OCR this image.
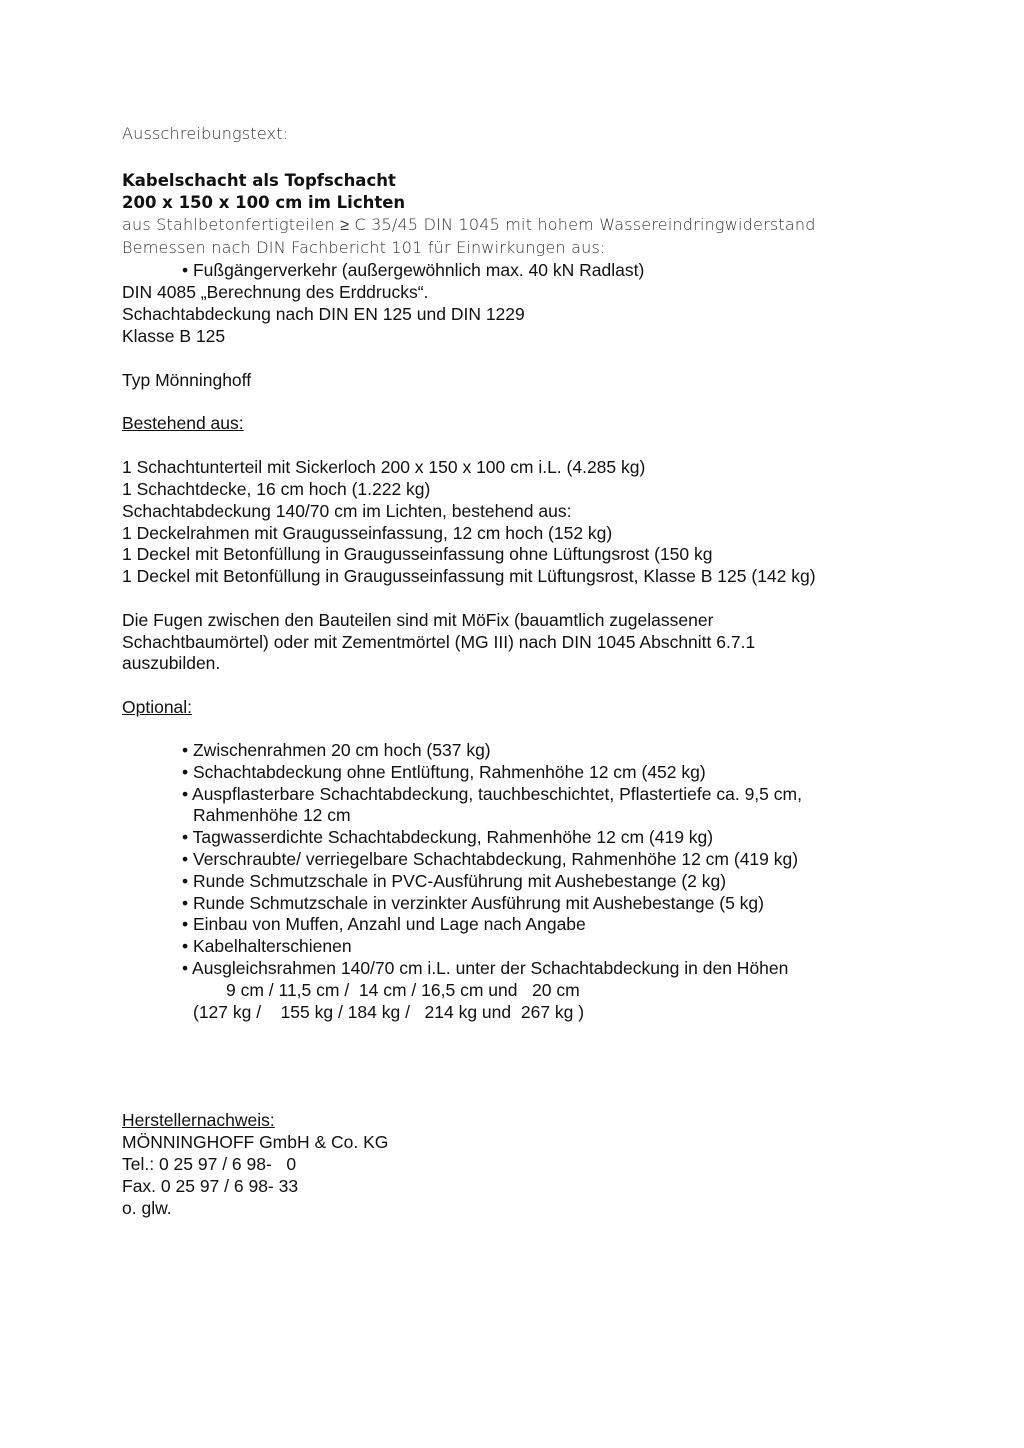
Ausschreibungstext:
Kabelschacht als Topfschacht
200 x 150 x 100 cm im Lichten
aus Stahlbetonfertigteilen ≥ C 35/45 DIN 1045 mit hohem Wassereindringwiderstand
Bemessen nach DIN Fachbericht 101 für Einwirkungen aus:
• Fußgängerverkehr (außergewöhnlich max. 40 kN Radlast)
DIN 4085 „Berechnung des Erddrucks“.
Schachtabdeckung nach DIN EN 125 und DIN 1229
Klasse B 125
Typ Mönninghoff
Bestehend aus:
1 Schachtunterteil mit Sickerloch 200 x 150 x 100 cm i.L. (4.285 kg)
1 Schachtdecke, 16 cm hoch (1.222 kg)
Schachtabdeckung 140/70 cm im Lichten, bestehend aus:
1 Deckelrahmen mit Graugusseinfassung, 12 cm hoch (152 kg)
1 Deckel mit Betonfüllung in Graugusseinfassung ohne Lüftungsrost (150 kg
1 Deckel mit Betonfüllung in Graugusseinfassung mit Lüftungsrost, Klasse B 125 (142 kg)
Die Fugen zwischen den Bauteilen sind mit MöFix (bauamtlich zugelassener
Schachtbaumörtel) oder mit Zementmörtel (MG III) nach DIN 1045 Abschnitt 6.7.1
auszubilden.
Optional:
• Zwischenrahmen 20 cm hoch (537 kg)
• Schachtabdeckung ohne Entlüftung, Rahmenhöhe 12 cm (452 kg)
• Auspflasterbare Schachtabdeckung, tauchbeschichtet, Pflastertiefe ca. 9,5 cm,
Rahmenhöhe 12 cm
• Tagwasserdichte Schachtabdeckung, Rahmenhöhe 12 cm (419 kg)
• Verschraubte/ verriegelbare Schachtabdeckung, Rahmenhöhe 12 cm (419 kg)
• Runde Schmutzschale in PVC-Ausführung mit Aushebestange (2 kg)
• Runde Schmutzschale in verzinkter Ausführung mit Aushebestange (5 kg)
• Einbau von Muffen, Anzahl und Lage nach Angabe
• Kabelhalterschienen
• Ausgleichsrahmen 140/70 cm i.L. unter der Schachtabdeckung in den Höhen
9 cm / 11,5 cm /  14 cm / 16,5 cm und   20 cm
(127 kg /    155 kg / 184 kg /   214 kg und  267 kg )
Herstellernachweis:
MÖNNINGHOFF GmbH & Co. KG
Tel.: 0 25 97 / 6 98-   0
Fax. 0 25 97 / 6 98- 33
o. glw.
